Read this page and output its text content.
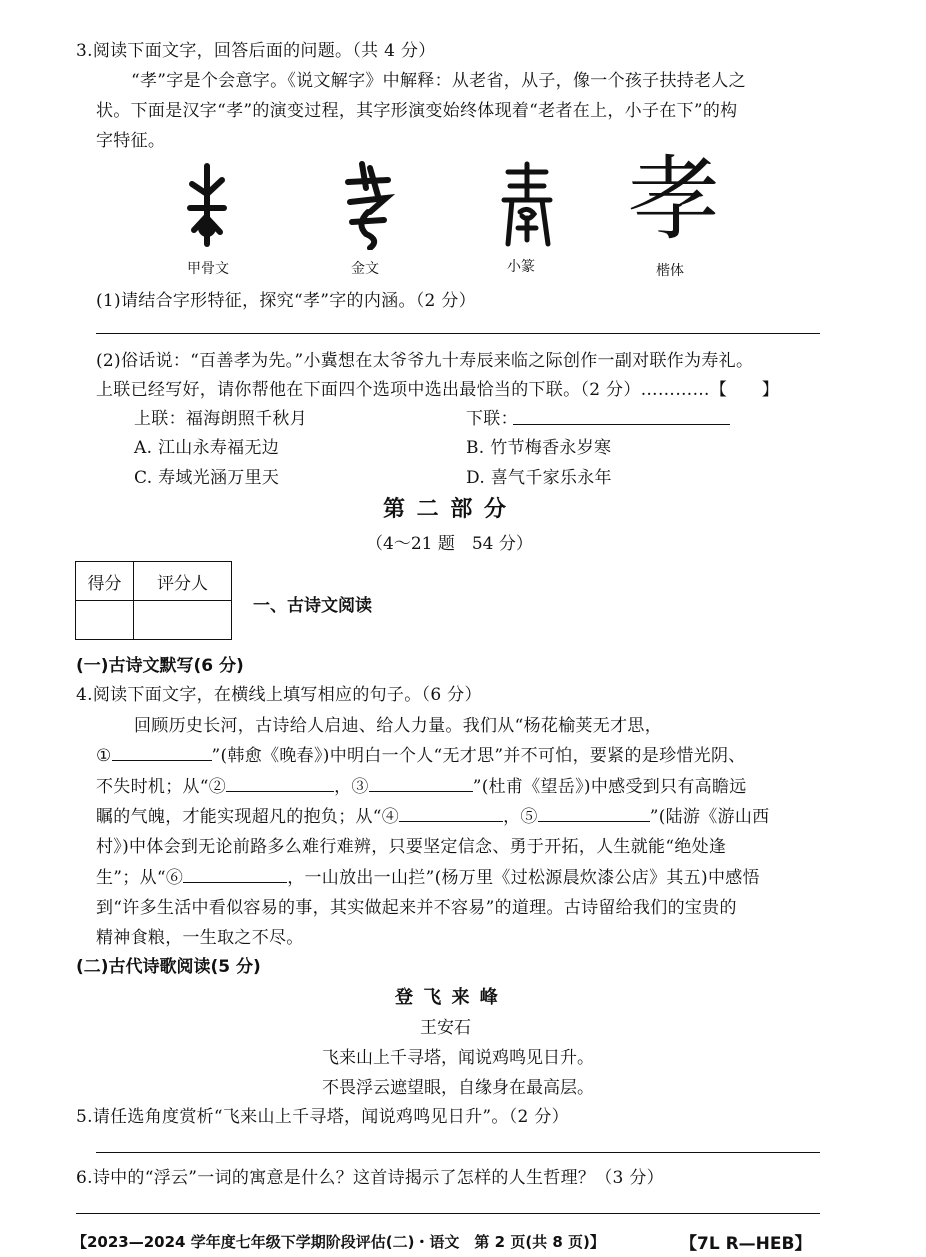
3.阅读下面文字，回答后面的问题。（共 4 分）
“孝”字是个会意字。《说文解字》中解释：从老省，从子，像一个孩子扶持老人之
状。下面是汉字“孝”的演变过程，其字形演变始终体现着“老者在上，小子在下”的构
字特征。
孝
甲骨文	金文	小篆	楷体
(1)请结合字形特征，探究“孝”字的内涵。（2 分）
(2)俗话说：“百善孝为先。”小冀想在太爷爷九十寿辰来临之际创作一副对联作为寿礼。
上联已经写好，请你帮他在下面四个选项中选出最恰当的下联。（2 分）…………【　　】
上联：福海朗照千秋月	下联：
A. 江山永寿福无边	B. 竹节梅香永岁寒
C. 寿域光涵万里天	D. 喜气千家乐永年
第 二 部 分
（4～21 题　54 分）
得分	评分人

一、古诗文阅读
(一)古诗文默写(6 分)
4.阅读下面文字，在横线上填写相应的句子。（6 分）
回顾历史长河，古诗给人启迪、给人力量。我们从“杨花榆荚无才思，
①	”(韩愈《晚春》)中明白一个人“无才思”并不可怕，要紧的是珍惜光阴、
不失时机；从“②	，③	”(杜甫《望岳》)中感受到只有高瞻远
瞩的气魄，才能实现超凡的抱负；从“④	，⑤	”(陆游《游山西
村》)中体会到无论前路多么难行难辨，只要坚定信念、勇于开拓，人生就能“绝处逢
生”；从“⑥	，一山放出一山拦”(杨万里《过松源晨炊漆公店》其五)中感悟
到“许多生活中看似容易的事，其实做起来并不容易”的道理。古诗留给我们的宝贵的
精神食粮，一生取之不尽。
(二)古代诗歌阅读(5 分)
登 飞 来 峰
王安石
飞来山上千寻塔，闻说鸡鸣见日升。
不畏浮云遮望眼，自缘身在最高层。
5.请任选角度赏析“飞来山上千寻塔，闻说鸡鸣见日升”。（2 分）
6.诗中的“浮云”一词的寓意是什么？这首诗揭示了怎样的人生哲理？（3 分）
【2023—2024 学年度七年级下学期阶段评估(二)・语文　第 2 页(共 8 页)】	【7L R—HEB】
